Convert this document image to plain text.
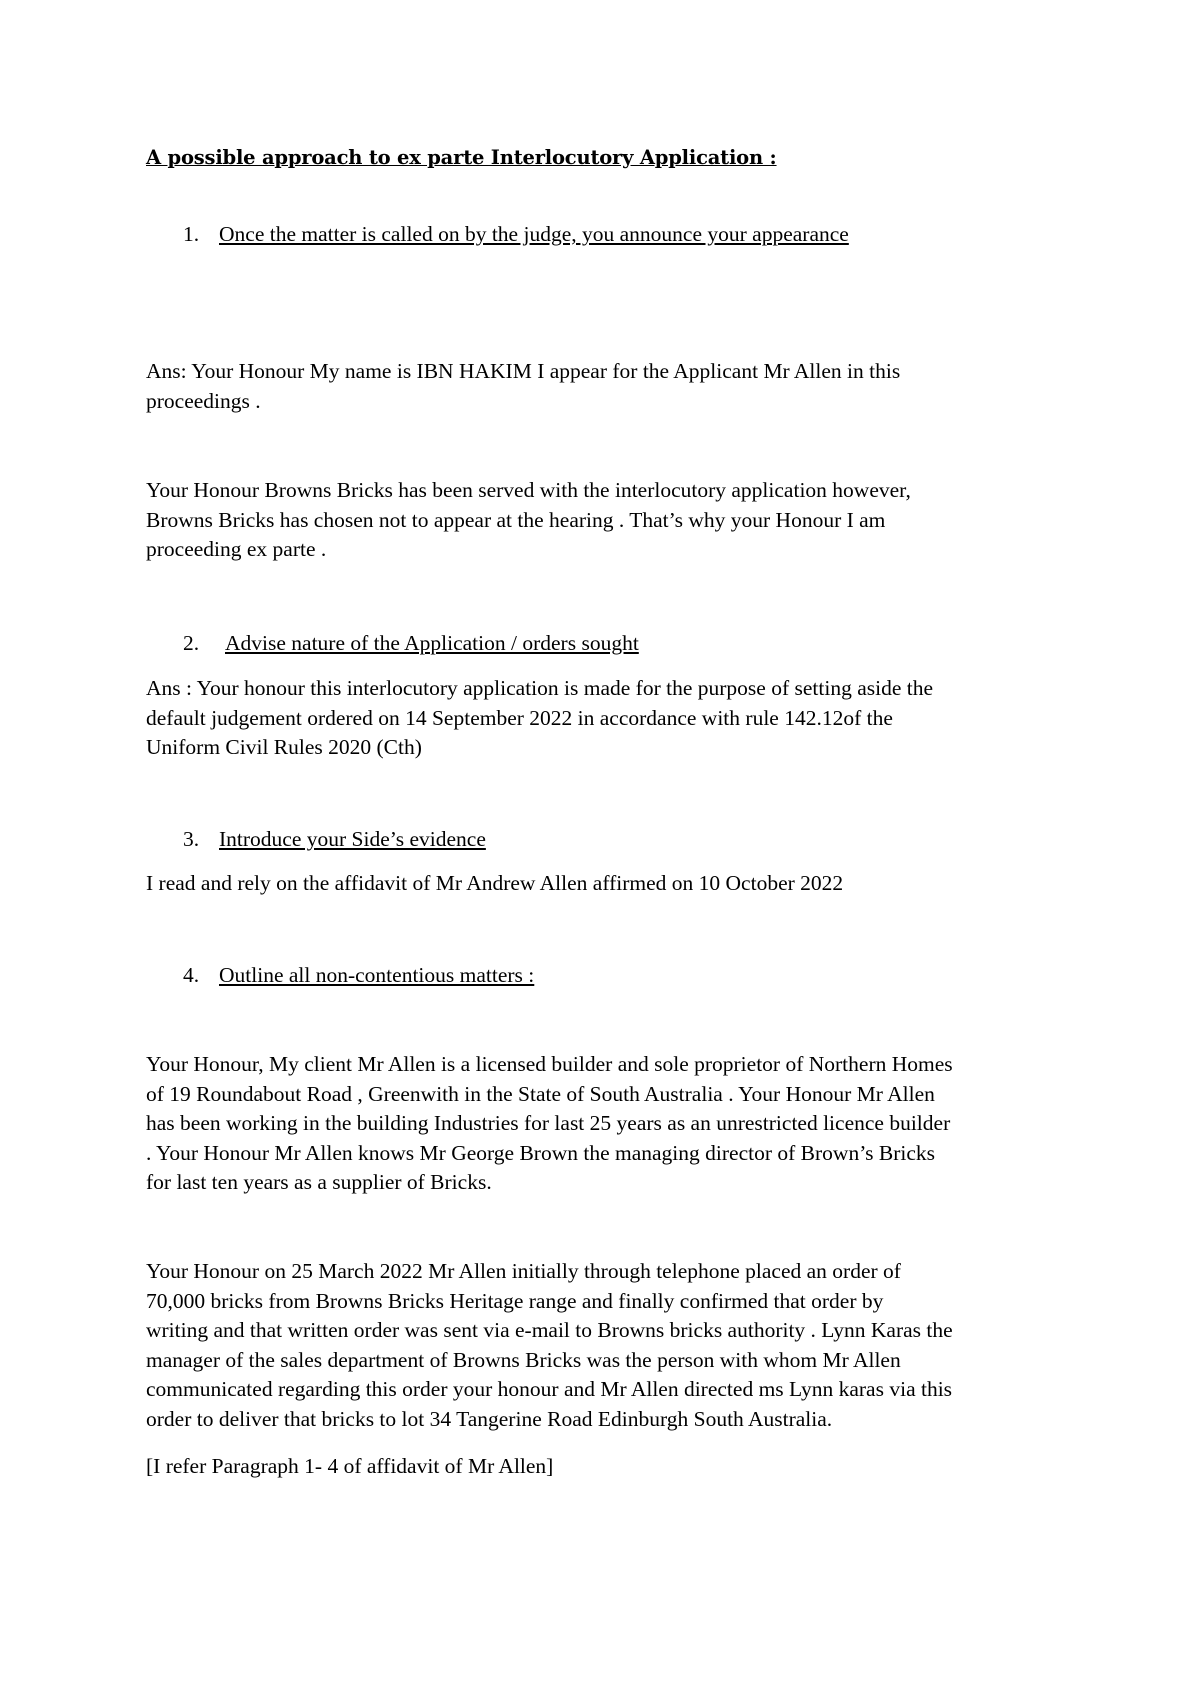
A possible approach to ex parte Interlocutory Application :
1. Once the matter is called on by the judge, you announce your appearance
Ans: Your Honour My name is IBN HAKIM I appear for the Applicant Mr Allen in this
proceedings .
Your Honour Browns Bricks has been served with the interlocutory application however,
Browns Bricks has chosen not to appear at the hearing . That’s why your Honour I am
proceeding ex parte .
2. Advise nature of the Application / orders sought
Ans : Your honour this interlocutory application is made for the purpose of setting aside the
default judgement ordered on 14 September 2022 in accordance with rule 142.12of the
Uniform Civil Rules 2020 (Cth)
3. Introduce your Side’s evidence
I read and rely on the affidavit of Mr Andrew Allen affirmed on 10 October 2022
4. Outline all non-contentious matters :
Your Honour, My client Mr Allen is a licensed builder and sole proprietor of Northern Homes
of 19 Roundabout Road , Greenwith in the State of South Australia . Your Honour Mr Allen
has been working in the building Industries for last 25 years as an unrestricted licence builder
. Your Honour Mr Allen knows Mr George Brown the managing director of Brown’s Bricks
for last ten years as a supplier of Bricks.
Your Honour on 25 March 2022 Mr Allen initially through telephone placed an order of
70,000 bricks from Browns Bricks Heritage range and finally confirmed that order by
writing and that written order was sent via e-mail to Browns bricks authority . Lynn Karas the
manager of the sales department of Browns Bricks was the person with whom Mr Allen
communicated regarding this order your honour and Mr Allen directed ms Lynn karas via this
order to deliver that bricks to lot 34 Tangerine Road Edinburgh South Australia.
[I refer Paragraph 1- 4 of affidavit of Mr Allen]
